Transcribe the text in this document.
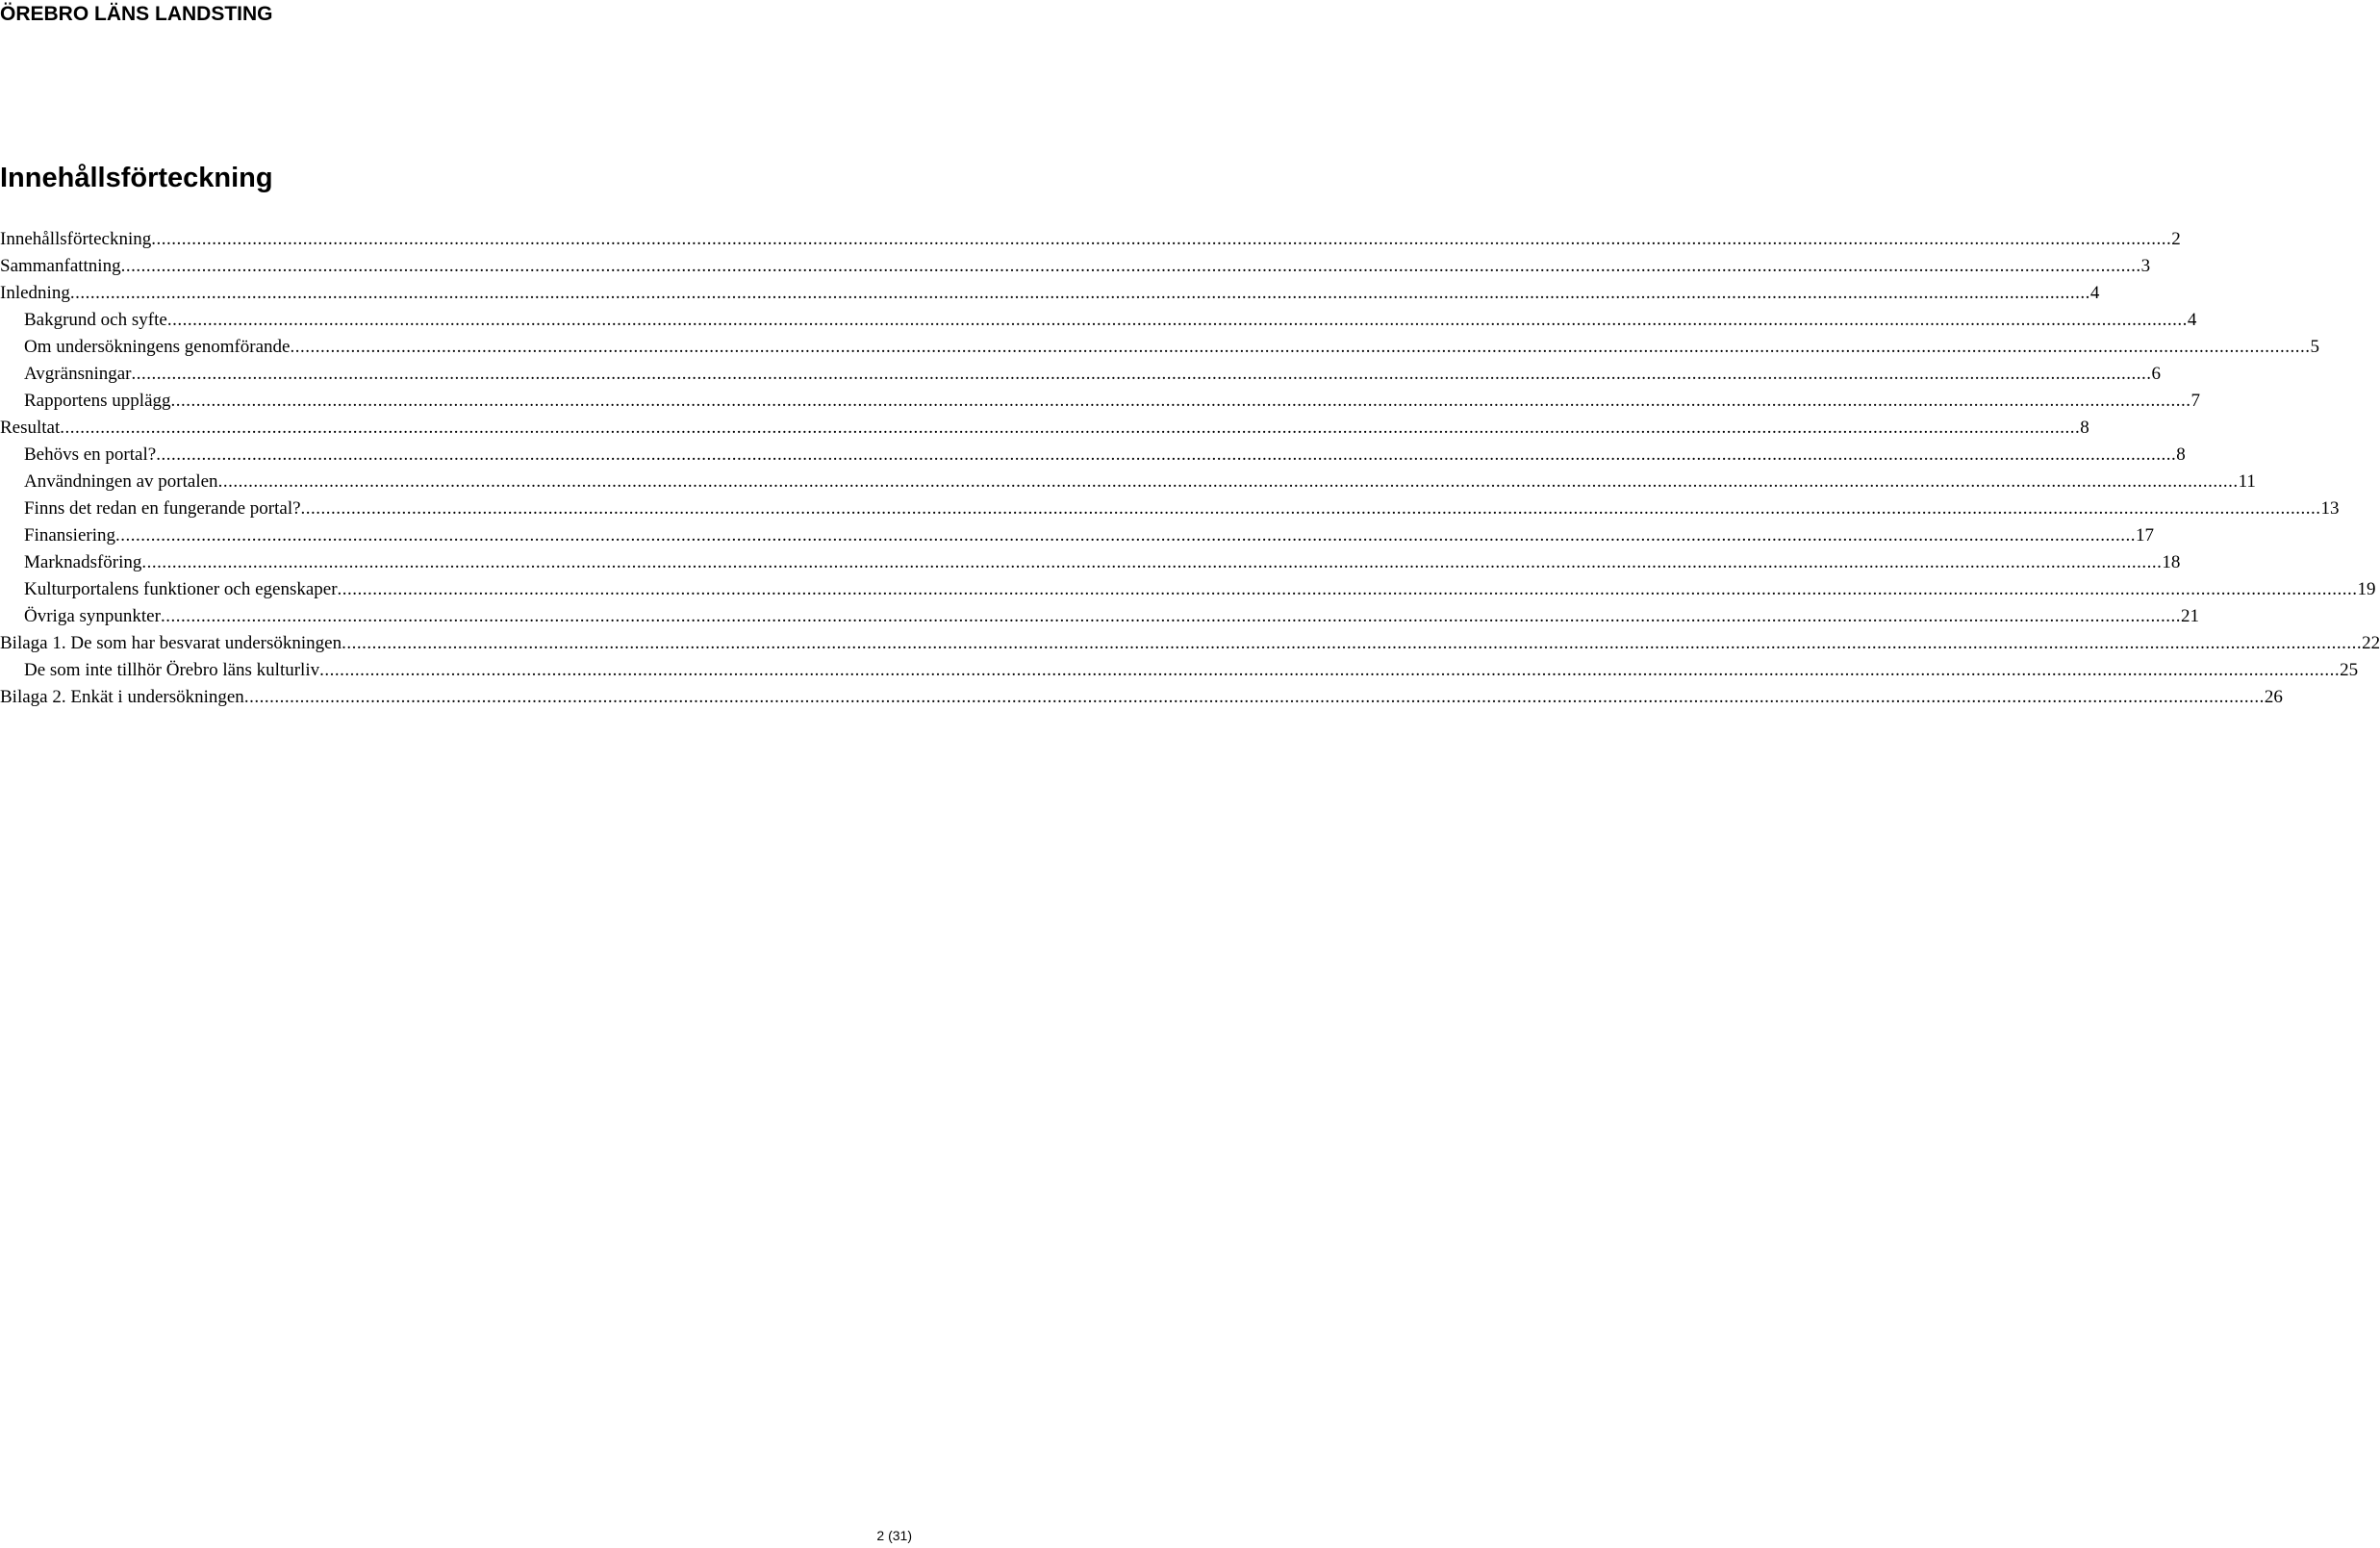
ÖREBRO LÄNS LANDSTING
Innehållsförteckning
Innehållsförteckning ................................................................................................................................................................................................................................................................................................................................................................................................................ 2
Sammanfattning ................................................................................................................................................................................................................................................................................................................................................................................................................ 3
Inledning ................................................................................................................................................................................................................................................................................................................................................................................................................ 4
Bakgrund och syfte ................................................................................................................................................................................................................................................................................................................................................................................................................ 4
Om undersökningens genomförande ................................................................................................................................................................................................................................................................................................................................................................................................................ 5
Avgränsningar ................................................................................................................................................................................................................................................................................................................................................................................................................ 6
Rapportens upplägg ................................................................................................................................................................................................................................................................................................................................................................................................................ 7
Resultat ................................................................................................................................................................................................................................................................................................................................................................................................................ 8
Behövs en portal? ................................................................................................................................................................................................................................................................................................................................................................................................................ 8
Användningen av portalen ................................................................................................................................................................................................................................................................................................................................................................................................................ 11
Finns det redan en fungerande portal? ................................................................................................................................................................................................................................................................................................................................................................................................................ 13
Finansiering ................................................................................................................................................................................................................................................................................................................................................................................................................ 17
Marknadsföring ................................................................................................................................................................................................................................................................................................................................................................................................................ 18
Kulturportalens funktioner och egenskaper ................................................................................................................................................................................................................................................................................................................................................................................................................ 19
Övriga synpunkter ................................................................................................................................................................................................................................................................................................................................................................................................................ 21
Bilaga 1. De som har besvarat undersökningen ................................................................................................................................................................................................................................................................................................................................................................................................................ 22
De som inte tillhör Örebro läns kulturliv ................................................................................................................................................................................................................................................................................................................................................................................................................ 25
Bilaga 2. Enkät i undersökningen ................................................................................................................................................................................................................................................................................................................................................................................................................ 26
2 (31)
